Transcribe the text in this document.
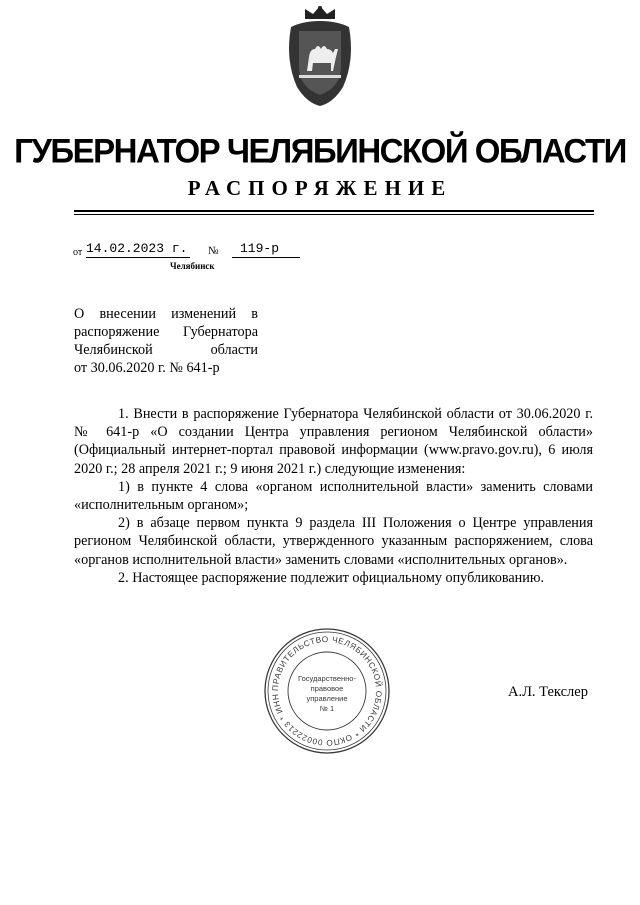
ГУБЕРНАТОР ЧЕЛЯБИНСКОЙ ОБЛАСТИ
РАСПОРЯЖЕНИЕ
от 14.02.2023 г. №	119-р
Челябинск
О внесении изменений в
распоряжение Губернатора
Челябинской области
от 30.06.2020 г. № 641-р

1. Внести в распоряжение Губернатора Челябинской области от 30.06.2020 г. № 641-р «О создании Центра управления регионом Челябинской области» (Официальный интернет-портал правовой информации (www.pravo.gov.ru), 6 июля 2020 г.; 28 апреля 2021 г.; 9 июня 2021 г.) следующие изменения:

1) в пункте 4 слова «органом исполнительной власти» заменить словами «исполнительным органом»;

2) в абзаце первом пункта 9 раздела III Положения о Центре управления регионом Челябинской области, утвержденного указанным распоряжением, слова «органов исполнительной власти» заменить словами «исполнительных органов».

2. Настоящее распоряжение подлежит официальному опубликованию.

ПРАВИТЕЛЬСТВО ЧЕЛЯБИНСКОЙ ОБЛАСТИ * ОКПО 00022213 * ИНН
Государственно-
правовое
управление
№ 1
А.Л. Текслер
